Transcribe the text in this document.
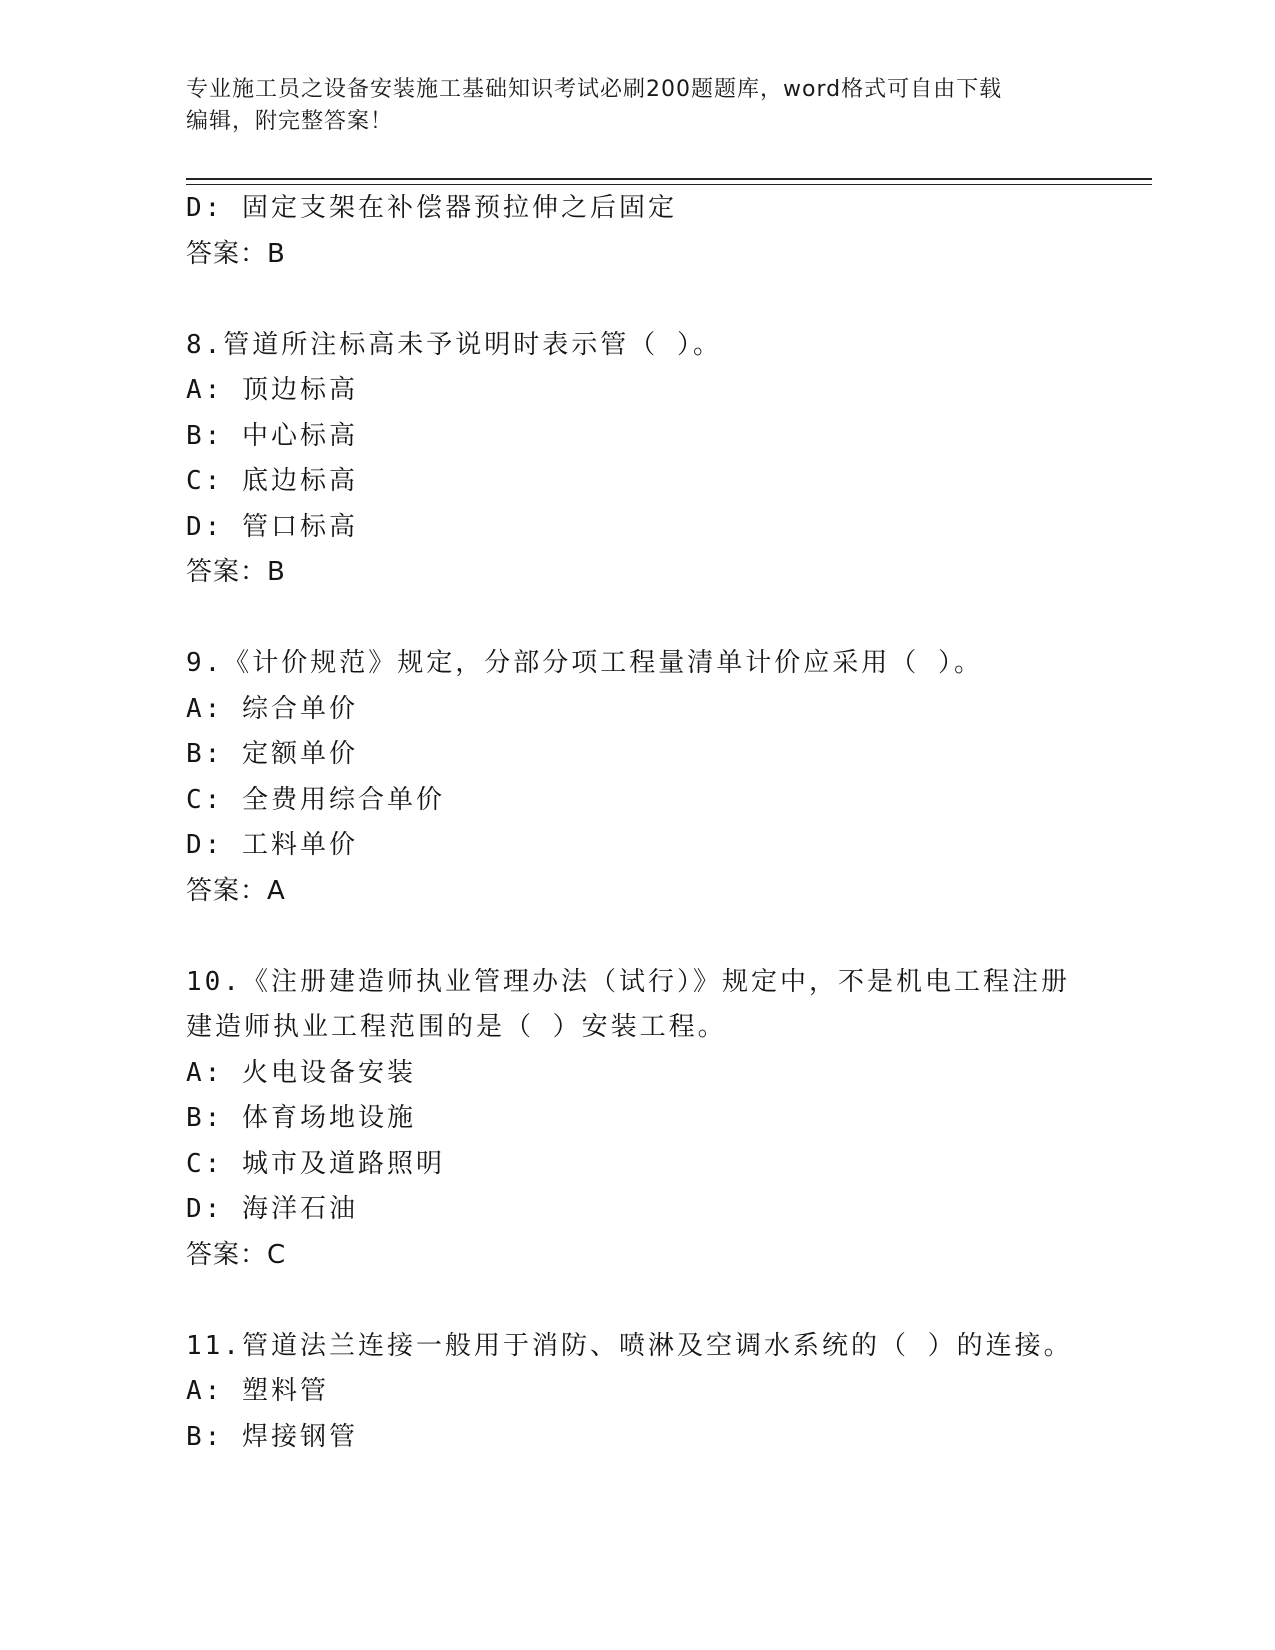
专业施工员之设备安装施工基础知识考试必刷200题题库，word格式可自由下载
编辑，附完整答案！
D: 固定支架在补偿器预拉伸之后固定
答案：B
8.管道所注标高未予说明时表示管（ ）。
A: 顶边标高
B: 中心标高
C: 底边标高
D: 管口标高
答案：B
9.《计价规范》规定，分部分项工程量清单计价应采用（ ）。
A: 综合单价
B: 定额单价
C: 全费用综合单价
D: 工料单价
答案：A
10.《注册建造师执业管理办法（试行）》规定中，不是机电工程注册
建造师执业工程范围的是（ ）安装工程。
A: 火电设备安装
B: 体育场地设施
C: 城市及道路照明
D: 海洋石油
答案：C
11.管道法兰连接一般用于消防、喷淋及空调水系统的（ ）的连接。
A: 塑料管
B: 焊接钢管
